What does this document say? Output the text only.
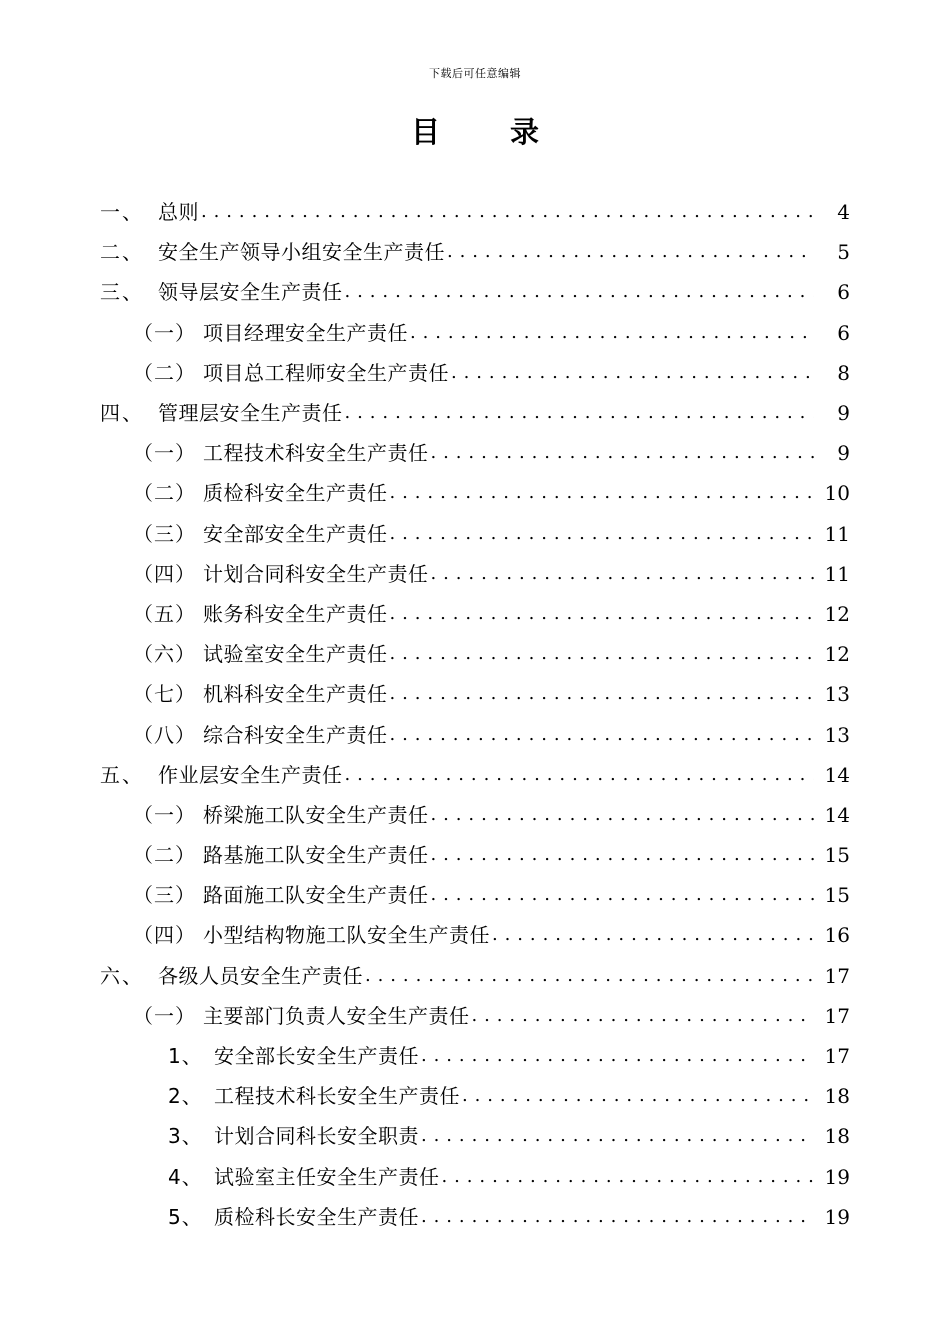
下载后可任意编辑
目 录
一、 总则 . . .	4
二、 安全生产领导小组安全生产责任 . . .	5
三、 领导层安全生产责任 . . .	6
（一） 项目经理安全生产责任 . . .	6
（二） 项目总工程师安全生产责任 . . .	8
四、 管理层安全生产责任 . . .	9
（一） 工程技术科安全生产责任 . . .	9
（二） 质检科安全生产责任 . . .	10
（三） 安全部安全生产责任 . . .	11
（四） 计划合同科安全生产责任 . . .	11
（五） 账务科安全生产责任 . . .	12
（六） 试验室安全生产责任 . . .	12
（七） 机料科安全生产责任 . . .	13
（八） 综合科安全生产责任 . . .	13
五、 作业层安全生产责任 . . .	14
（一） 桥梁施工队安全生产责任 . . .	14
（二） 路基施工队安全生产责任 . . .	15
（三） 路面施工队安全生产责任 . . .	15
（四） 小型结构物施工队安全生产责任 . . .	16
六、 各级人员安全生产责任 . . .	17
（一） 主要部门负责人安全生产责任 . . .	17
1、 安全部长安全生产责任 . . .	17
2、 工程技术科长安全生产责任 . . .	18
3、 计划合同科长安全职责 . . .	18
4、 试验室主任安全生产责任 . . .	19
5、 质检科长安全生产责任 . . .	19
